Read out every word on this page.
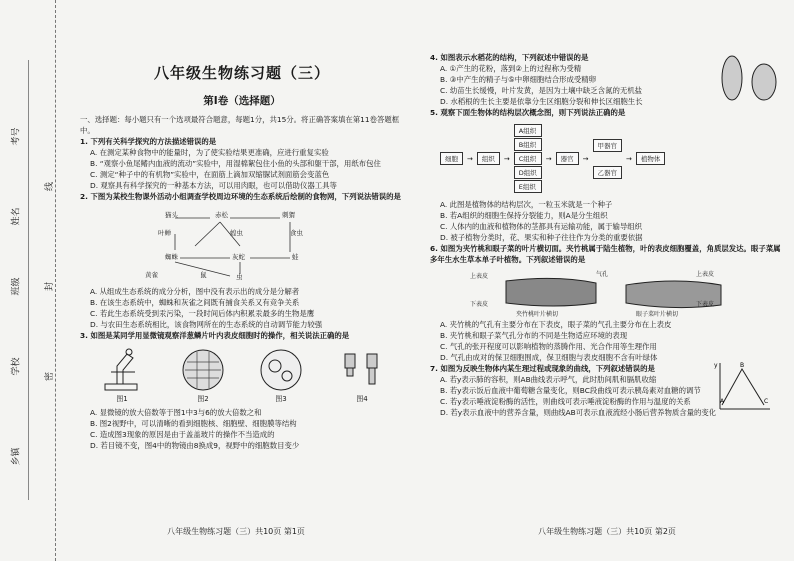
考号
姓名
班级
学校
乡镇
线
封
密
八年级生物练习题（三）
第Ⅰ卷（选择题）

一、选择题：每小题只有一个选项最符合题意，每题1分，共15分。将正确答案填在第11卷答题框中。

1. 下列有关科学探究的方法描述错误的是

A. 在测定某种食物中的能量时，为了使实验结果更准确，应进行重复实验

B. “观察小鱼尾鳍内血液的流动”实验中，用湿棉絮包住小鱼的头部和躯干部，用纸布包住

C. 测定“种子中的有机物”实验中，在面筋上滴加双缩脲试剂面筋会变蓝色

D. 观察具有科学探究的一种基本方法，可以用肉眼，也可以借助仪器工具等

2. 下图为某校生物课外活动小组调查学校周边环境的生态系统后绘制的食物网，下列说法错误的是

猫头	赤松	刺猬
叶蝉	蝗虫	食虫
蜘蛛	灰蛇	蛙
虫
黄雀	鼠

A. 从组成生态系统的成分分析，图中没有表示出的成分是分解者

B. 在该生态系统中，蜘蛛和灰雀之间既有捕食关系又有竞争关系

C. 若此生态系统受到汞污染，一段时间后体内积累汞最多的生物是鹰

D. 与农田生态系统相比，该食物网所在的生态系统的自动调节能力较强

3. 如图是某同学用显微镜观察洋葱鳞片叶内表皮细胞时的操作，相关说法正确的是

图1	图2	图3	图4

A. 显微镜的放大倍数等于图1中3与6的放大倍数之和

B. 图2视野中，可以清晰的看到细胞核、细胞壁、细胞膜等结构

C. 造成图3现象的原因是由于盖盖玻片的操作不当造成的

D. 若目镜不变，图4中的物镜由8换成9，视野中的细胞数目变少

八年级生物练习题（三）共10页 第1页

4. 如图表示水稻花的结构，下列叙述中错误的是

A. ①产生的花粉，落到②上的过程称为受精

B. ③中产生的精子与⑤中卵细胞结合形成受精卵

C. 幼苗生长缓慢，叶片发黄，是因为土壤中缺乏含氮的无机盐

D. 水稻根的生长主要是依靠分生区细胞分裂和伸长区细胞生长

5. 观察下面生物体的结构层次概念图，则下列说法正确的是

细胞	→	组织	→
A组织
B组织
C组织
D组织
E组织
→	器官	→
甲器官
乙器官
→	植物体

A. 此图是植物体的结构层次，一粒玉米就是一个种子

B. 若A组织的细胞生保持分裂能力，则A是分生组织

C. 人体内的血液和植物体的茎都具有运输功能，属于输导组织

D. 被子植物分类时，花、果实和种子往往作为分类的重要依据

6. 如图为夹竹桃和眼子菜的叶片横切面。夹竹桃属于陆生植物，叶的表皮细胞覆盖，角质层发达。眼子菜属多年生水生草本单子叶植物。下列叙述错误的是

上表皮
下表皮
气孔	上表皮
下表皮
夹竹桃叶片横切	眼子菜叶片横切

A. 夹竹桃的气孔有主要分布在下表皮，眼子菜的气孔主要分布在上表皮

B. 夹竹桃和眼子菜气孔分布的不同是生物适应环境的表现

C. 气孔的张开程度可以影响植物的蒸腾作用、光合作用等生理作用

D. 气孔由成对的保卫细胞围成，保卫细胞与表皮细胞不含有叶绿体

y
A
B
C

7. 如图为反映生物体内某生理过程或现象的曲线，下列叙述错误的是

A. 若y表示肺的容积，则AB曲线表示呼气，此时肋间肌和膈肌收缩

B. 若y表示饭后血液中葡萄糖含量变化，则BC段曲线可表示胰岛素对血糖的调节

C. 若y表示唾液淀粉酶的活性，则曲线可表示唾液淀粉酶的作用与温度的关系

D. 若y表示血液中的营养含量，则曲线AB可表示血液流经小肠后营养物质含量的变化

八年级生物练习题（三）共10页 第2页
